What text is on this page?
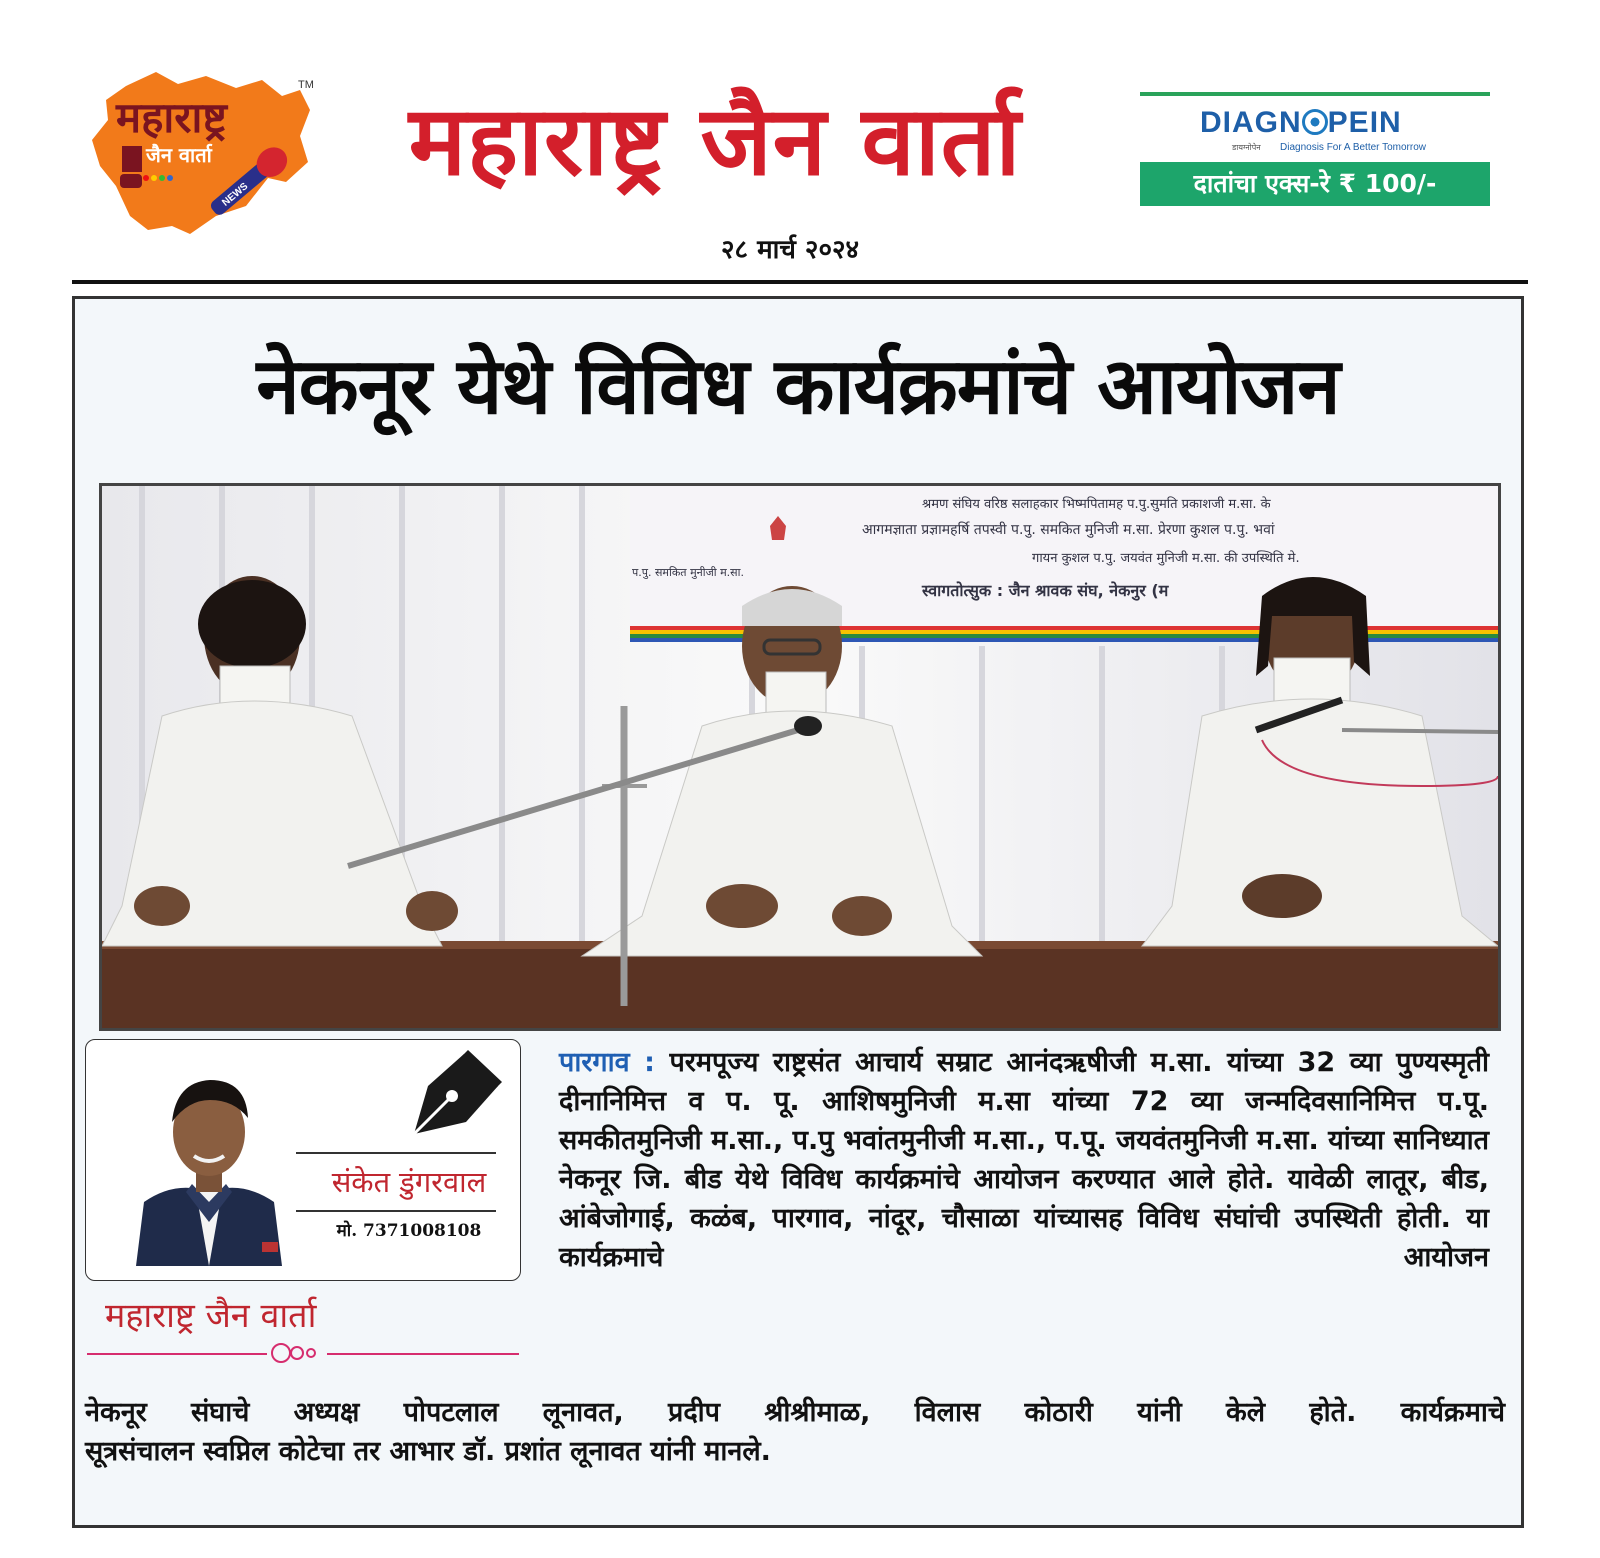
महाराष्ट्र
जैन वार्ता
NEWS
TM महाराष्ट्र जैन वार्ता
२८ मार्च २०२४
DIAGN PEIN
डायग्नोपेन Diagnosis For A Better Tomorrow
दातांचा एक्स-रे ₹ 100/-
नेकनूर येथे विविध कार्यक्रमांचे आयोजन
श्रमण संघिय वरिष्ठ सलाहकार भिष्मपितामह प.पु.सुमति प्रकाशजी म.सा. के
आगमज्ञाता प्रज्ञामहर्षि तपस्वी प.पु. समकित मुनिजी म.सा. प्रेरणा कुशल प.पु. भवां
गायन कुशल प.पु. जयवंत मुनिजी म.सा. की उपस्थिति मे.
स्वागतोत्सुक : जैन श्रावक संघ, नेकनुर (म
प.पु. समकित मुनीजी म.सा.
संकेत डुंगरवाल
मो. 7371008108
महाराष्ट्र जैन वार्ता
पारगाव : परमपूज्य राष्ट्रसंत आचार्य सम्राट आनंदऋषीजी म.सा. यांच्या 32 व्या पुण्यस्मृती दीनानिमित्त व प. पू. आशिषमुनिजी म.सा यांच्या 72 व्या जन्मदिवसानिमित्त प.पू. समकीतमुनिजी म.सा., प.पु भवांतमुनीजी म.सा., प.पू. जयवंतमुनिजी म.सा. यांच्या सानिध्यात नेकनूर जि. बीड येथे विविध कार्यक्रमांचे आयोजन करण्यात आले होते. यावेळी लातूर, बीड, आंबेजोगाई, कळंब, पारगाव, नांदूर, चौसाळा यांच्यासह विविध संघांची उपस्थिती होती. या कार्यक्रमाचे आयोजन
नेकनूर संघाचे अध्यक्ष पोपटलाल लूनावत, प्रदीप श्रीश्रीमाळ, विलास कोठारी यांनी केले होते. कार्यक्रमाचे
सूत्रसंचालन स्वप्निल कोटेचा तर आभार डॉ. प्रशांत लूनावत यांनी मानले.
